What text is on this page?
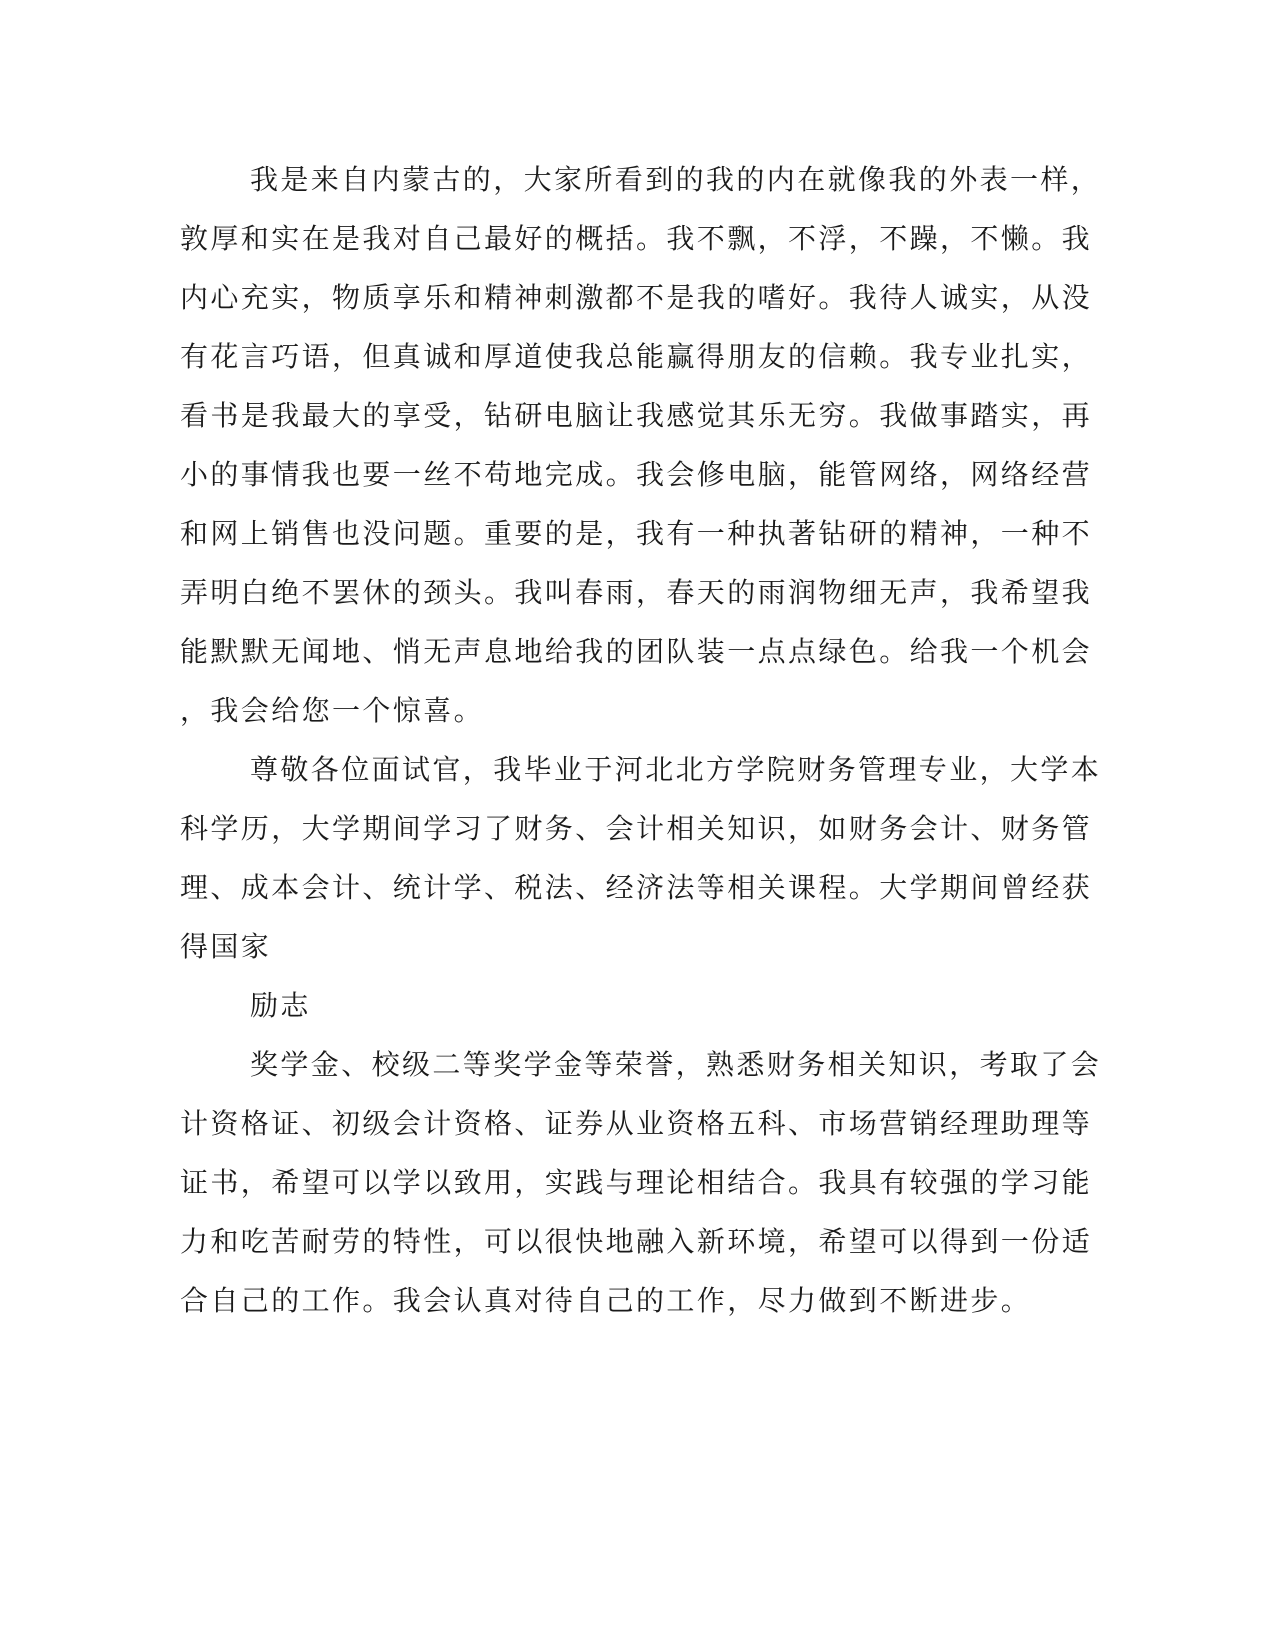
我是来自内蒙古的，大家所看到的我的内在就像我的外表一样，
敦厚和实在是我对自己最好的概括。我不飘，不浮，不躁，不懒。我
内心充实，物质享乐和精神刺激都不是我的嗜好。我待人诚实，从没
有花言巧语，但真诚和厚道使我总能赢得朋友的信赖。我专业扎实，
看书是我最大的享受，钻研电脑让我感觉其乐无穷。我做事踏实，再
小的事情我也要一丝不苟地完成。我会修电脑，能管网络，网络经营
和网上销售也没问题。重要的是，我有一种执著钻研的精神，一种不
弄明白绝不罢休的颈头。我叫春雨，春天的雨润物细无声，我希望我
能默默无闻地、悄无声息地给我的团队装一点点绿色。给我一个机会
，我会给您一个惊喜。
尊敬各位面试官，我毕业于河北北方学院财务管理专业，大学本
科学历，大学期间学习了财务、会计相关知识，如财务会计、财务管
理、成本会计、统计学、税法、经济法等相关课程。大学期间曾经获
得国家
励志
奖学金、校级二等奖学金等荣誉，熟悉财务相关知识，考取了会
计资格证、初级会计资格、证券从业资格五科、市场营销经理助理等
证书，希望可以学以致用，实践与理论相结合。我具有较强的学习能
力和吃苦耐劳的特性，可以很快地融入新环境，希望可以得到一份适
合自己的工作。我会认真对待自己的工作，尽力做到不断进步。
